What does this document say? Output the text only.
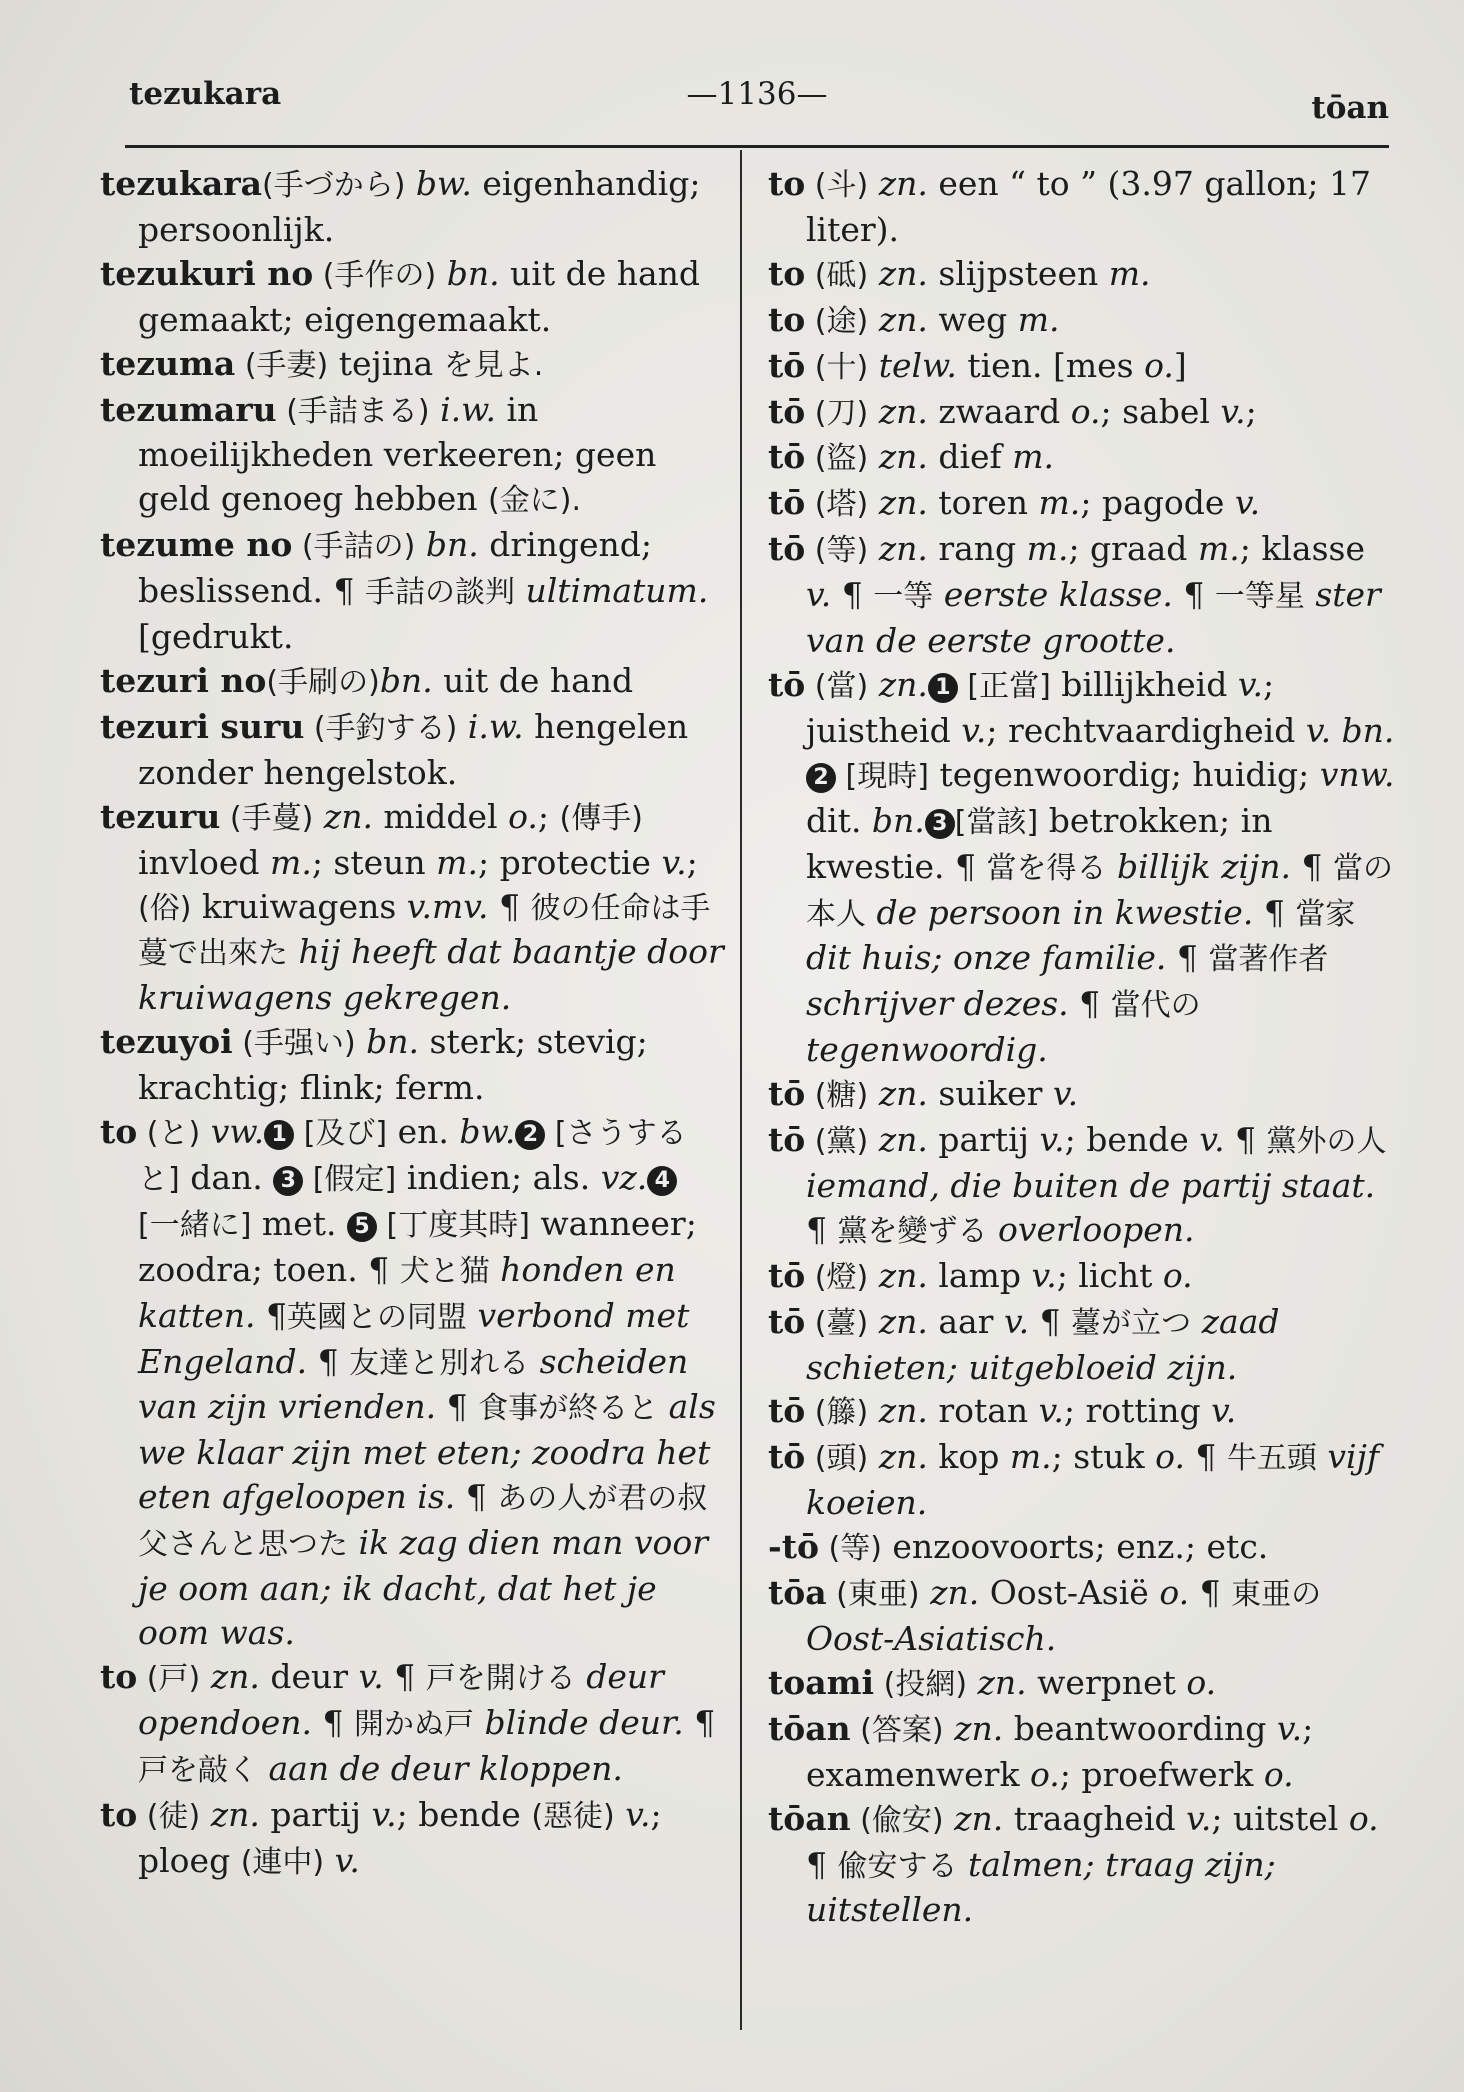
tezukara	—1136—	tōan

tezukara(手づから) bw. eigenhandig; persoonlijk.

tezukuri no (手作の) bn. uit de hand gemaakt; eigengemaakt.

tezuma (手妻) tejina を見よ.

tezumaru (手詰まる) i.w. in moeilijkheden verkeeren; geen geld genoeg hebben (金に).

tezume no (手詰の) bn. dringend; beslissend. ¶ 手詰の談判 ultimatum. [gedrukt.

tezuri no(手刷の)bn. uit de hand

tezuri suru (手釣する) i.w. hengelen zonder hengelstok.

tezuru (手蔓) zn. middel o.; (傳手) invloed m.; steun m.; protectie v.; (俗) kruiwagens v.mv. ¶ 彼の任命は手蔓で出來た hij heeft dat baantje door kruiwagens gekregen.

tezuyoi (手强い) bn. sterk; stevig; krachtig; flink; ferm.

to (と) vw. 1 [及び] en. bw. 2 [さうすると] dan. 3 [假定] indien; als. vz. 4 [一緒に] met. 5 [丁度其時] wanneer; zoodra; toen. ¶ 犬と猫 honden en katten. ¶英國との同盟 verbond met Engeland. ¶ 友達と別れる scheiden van zijn vrienden. ¶ 食事が終ると als we klaar zijn met eten; zoodra het eten afgeloopen is. ¶ あの人が君の叔父さんと思つた ik zag dien man voor je oom aan; ik dacht, dat het je oom was.

to (戸) zn. deur v. ¶ 戸を開ける deur opendoen. ¶ 開かぬ戸 blinde deur. ¶ 戸を敲く aan de deur kloppen.

to (徒) zn. partij v.; bende (惡徒) v.; ploeg (連中) v.

to (斗) zn. een “ to ” (3.97 gallon; 17 liter).

to (砥) zn. slijpsteen m.

to (途) zn. weg m.

tō (十) telw. tien. [mes o.]

tō (刀) zn. zwaard o.; sabel v.;

tō (盜) zn. dief m.

tō (塔) zn. toren m.; pagode v.

tō (等) zn. rang m.; graad m.; klasse v. ¶ 一等 eerste klasse. ¶ 一等星 ster van de eerste grootte.

tō (當) zn. 1 [正當] billijkheid v.; juistheid v.; rechtvaardigheid v. bn.2 [現時] tegenwoordig; huidig; vnw. dit. bn. 3 [當該] betrokken; in kwestie. ¶ 當を得る billijk zijn. ¶ 當の本人 de persoon in kwestie. ¶ 當家 dit huis; onze familie. ¶ 當著作者 schrijver dezes. ¶ 當代の tegenwoordig.

tō (糖) zn. suiker v.

tō (黨) zn. partij v.; bende v. ¶ 黨外の人 iemand, die buiten de partij staat. ¶ 黨を變ずる overloopen.

tō (燈) zn. lamp v.; licht o.

tō (薹) zn. aar v. ¶ 薹が立つ zaad schieten; uitgebloeid zijn.

tō (籐) zn. rotan v.; rotting v.

tō (頭) zn. kop m.; stuk o. ¶ 牛五頭 vijf koeien.

-tō (等) enzoovoorts; enz.; etc.

tōa (東亜) zn. Oost-Asië o. ¶ 東亜の Oost-Asiatisch.

toami (投網) zn. werpnet o.

tōan (答案) zn. beantwoording v.; examenwerk o.; proefwerk o.

tōan (偸安) zn. traagheid v.; uitstel o. ¶ 偸安する talmen; traag zijn; uitstellen.
